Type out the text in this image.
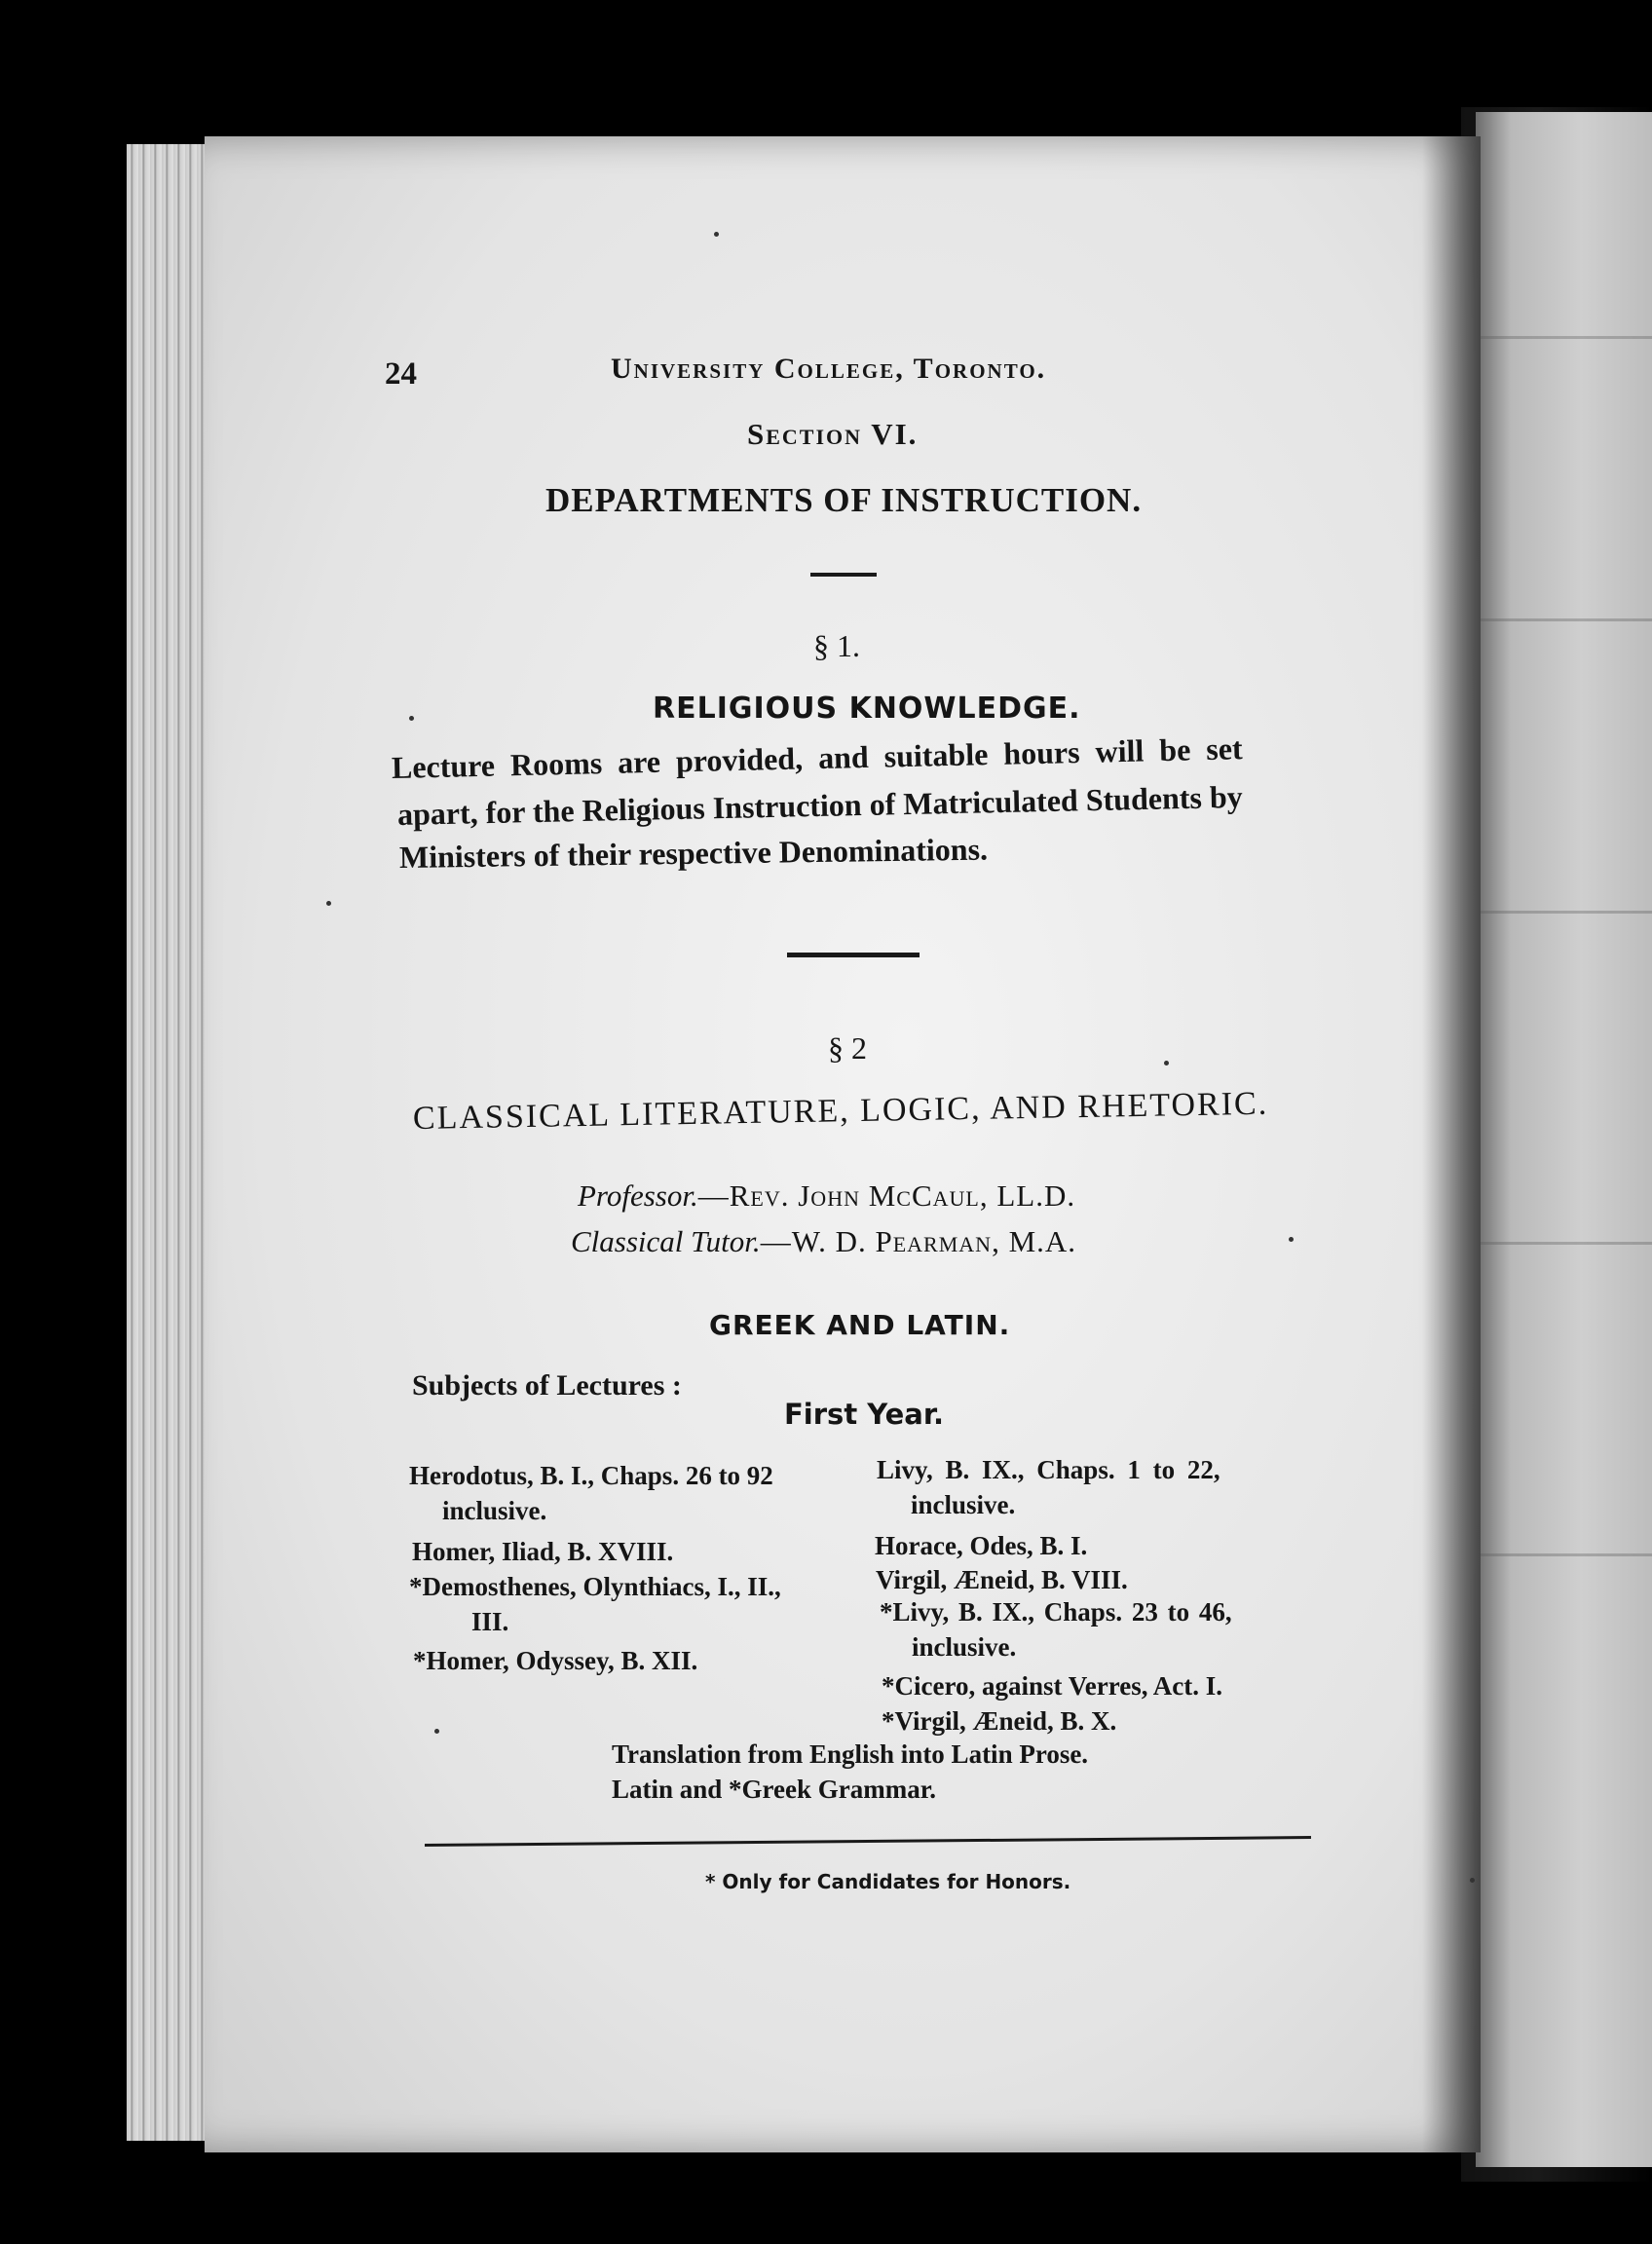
24	University College, Toronto.
Section VI.
DEPARTMENTS OF INSTRUCTION.
§ 1.
RELIGIOUS KNOWLEDGE.
Lecture Rooms are provided, and suitable hours will be set
apart, for the Religious Instruction of Matriculated Students by
Ministers of their respective Denominations.
§ 2
CLASSICAL LITERATURE, LOGIC, AND RHETORIC.
Professor.—Rev. John McCaul, LL.D.
Classical Tutor.—W. D. Pearman, M.A.
GREEK AND LATIN.
Subjects of Lectures :
First Year.
Herodotus, B. I., Chaps. 26 to 92
inclusive.
Homer, Iliad, B. XVIII.
*Demosthenes, Olynthiacs, I., II.,
III.
*Homer, Odyssey, B. XII.
Livy, B. IX., Chaps. 1 to 22,
inclusive.
Horace, Odes, B. I.
Virgil, Æneid, B. VIII.
*Livy, B. IX., Chaps. 23 to 46,
inclusive.
*Cicero, against Verres, Act. I.
*Virgil, Æneid, B. X.
Translation from English into Latin Prose.
Latin and *Greek Grammar.
* Only for Candidates for Honors.
